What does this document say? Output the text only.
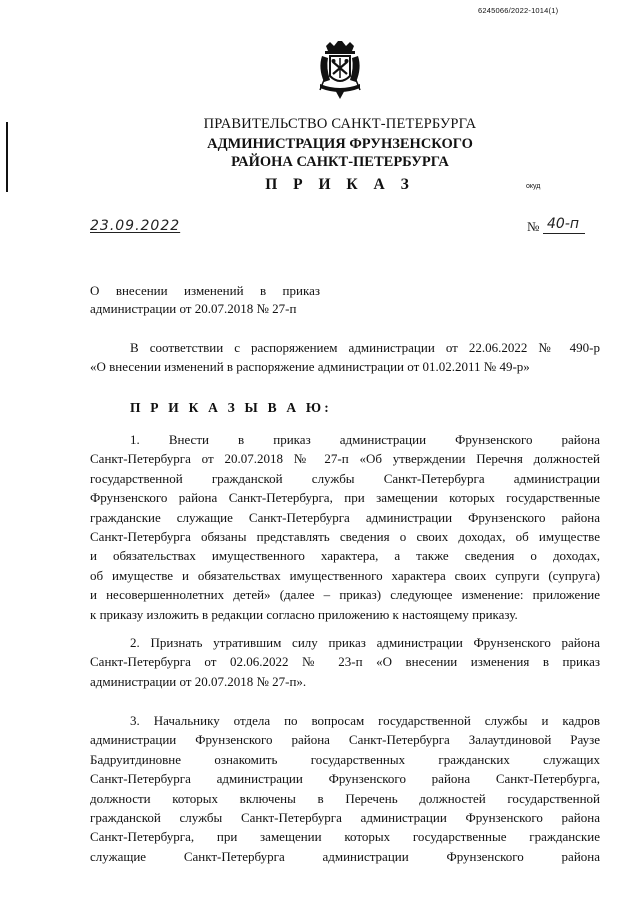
6245066/2022-1014(1)
ПРАВИТЕЛЬСТВО САНКТ-ПЕТЕРБУРГА
АДМИНИСТРАЦИЯ ФРУНЗЕНСКОГО
РАЙОНА САНКТ-ПЕТЕРБУРГА
П Р И К А З	окуд
23.09.2022	№ 40-п
О внесении изменений в приказ
администрации от 20.07.2018 № 27-п
В соответствии с распоряжением администрации от 22.06.2022 № 490-р
«О внесении изменений в распоряжение администрации от 01.02.2011 № 49-р»
П Р И К А З Ы В А Ю:
1. Внести в приказ администрации Фрунзенского района
Санкт-Петербурга от 20.07.2018 № 27-п «Об утверждении Перечня должностей
государственной гражданской службы Санкт-Петербурга администрации
Фрунзенского района Санкт-Петербурга, при замещении которых государственные
гражданские служащие Санкт-Петербурга администрации Фрунзенского района
Санкт-Петербурга обязаны представлять сведения о своих доходах, об имуществе
и обязательствах имущественного характера, а также сведения о доходах,
об имуществе и обязательствах имущественного характера своих супруги (супруга)
и несовершеннолетних детей» (далее – приказ) следующее изменение: приложение
к приказу изложить в редакции согласно приложению к настоящему приказу.
2. Признать утратившим силу приказ администрации Фрунзенского района
Санкт-Петербурга от 02.06.2022 № 23-п «О внесении изменения в приказ
администрации от 20.07.2018 № 27-п».
3. Начальнику отдела по вопросам государственной службы и кадров
администрации Фрунзенского района Санкт-Петербурга Залаутдиновой Раузе
Бадруитдиновне ознакомить государственных гражданских служащих
Санкт-Петербурга администрации Фрунзенского района Санкт-Петербурга,
должности которых включены в Перечень должностей государственной
гражданской службы Санкт-Петербурга администрации Фрунзенского района
Санкт-Петербурга, при замещении которых государственные гражданские
служащие Санкт-Петербурга администрации Фрунзенского района
